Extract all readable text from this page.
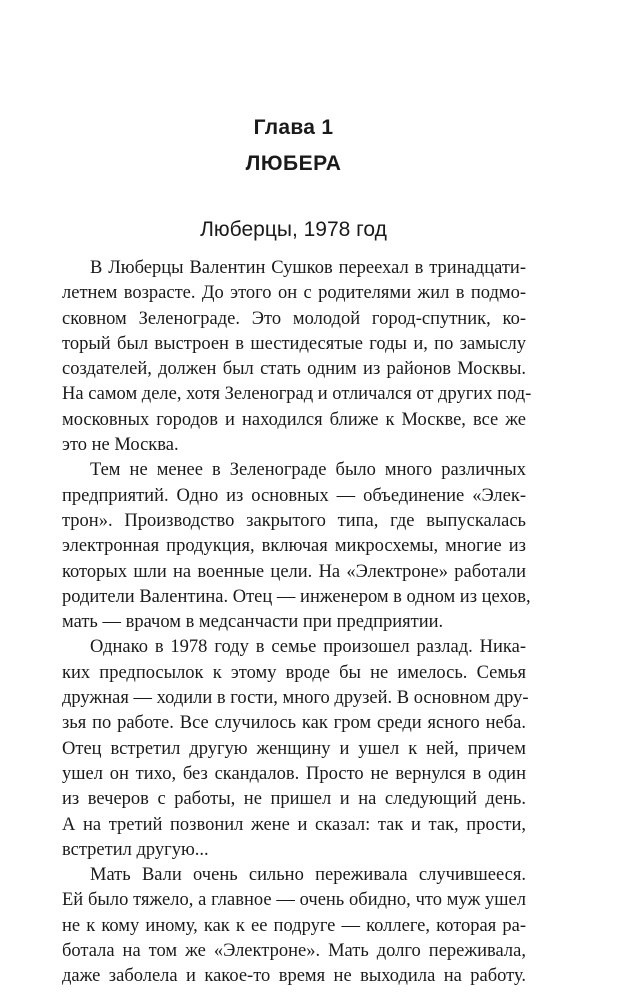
Глава 1
ЛЮБЕРА
Люберцы, 1978 год
В Люберцы Валентин Сушков переехал в тринадцати-
летнем возрасте. До этого он с родителями жил в подмо-
сковном Зеленограде. Это молодой город-спутник, ко-
торый был выстроен в шестидесятые годы и, по замыслу
создателей, должен был стать одним из районов Москвы.
На самом деле, хотя Зеленоград и отличался от других под-
московных городов и находился ближе к Москве, все же
это не Москва.
Тем не менее в Зеленограде было много различных
предприятий. Одно из основных — объединение «Элек-
трон». Производство закрытого типа, где выпускалась
электронная продукция, включая микросхемы, многие из
которых шли на военные цели. На «Электроне» работали
родители Валентина. Отец — инженером в одном из цехов,
мать — врачом в медсанчасти при предприятии.
Однако в 1978 году в семье произошел разлад. Ника-
ких предпосылок к этому вроде бы не имелось. Семья
дружная — ходили в гости, много друзей. В основном дру-
зья по работе. Все случилось как гром среди ясного неба.
Отец встретил другую женщину и ушел к ней, причем
ушел он тихо, без скандалов. Просто не вернулся в один
из вечеров с работы, не пришел и на следующий день.
А на третий позвонил жене и сказал: так и так, прости,
встретил другую...
Мать Вали очень сильно переживала случившееся.
Ей было тяжело, а главное — очень обидно, что муж ушел
не к кому иному, как к ее подруге — коллеге, которая ра-
ботала на том же «Электроне». Мать долго переживала,
даже заболела и какое-то время не выходила на работу.
